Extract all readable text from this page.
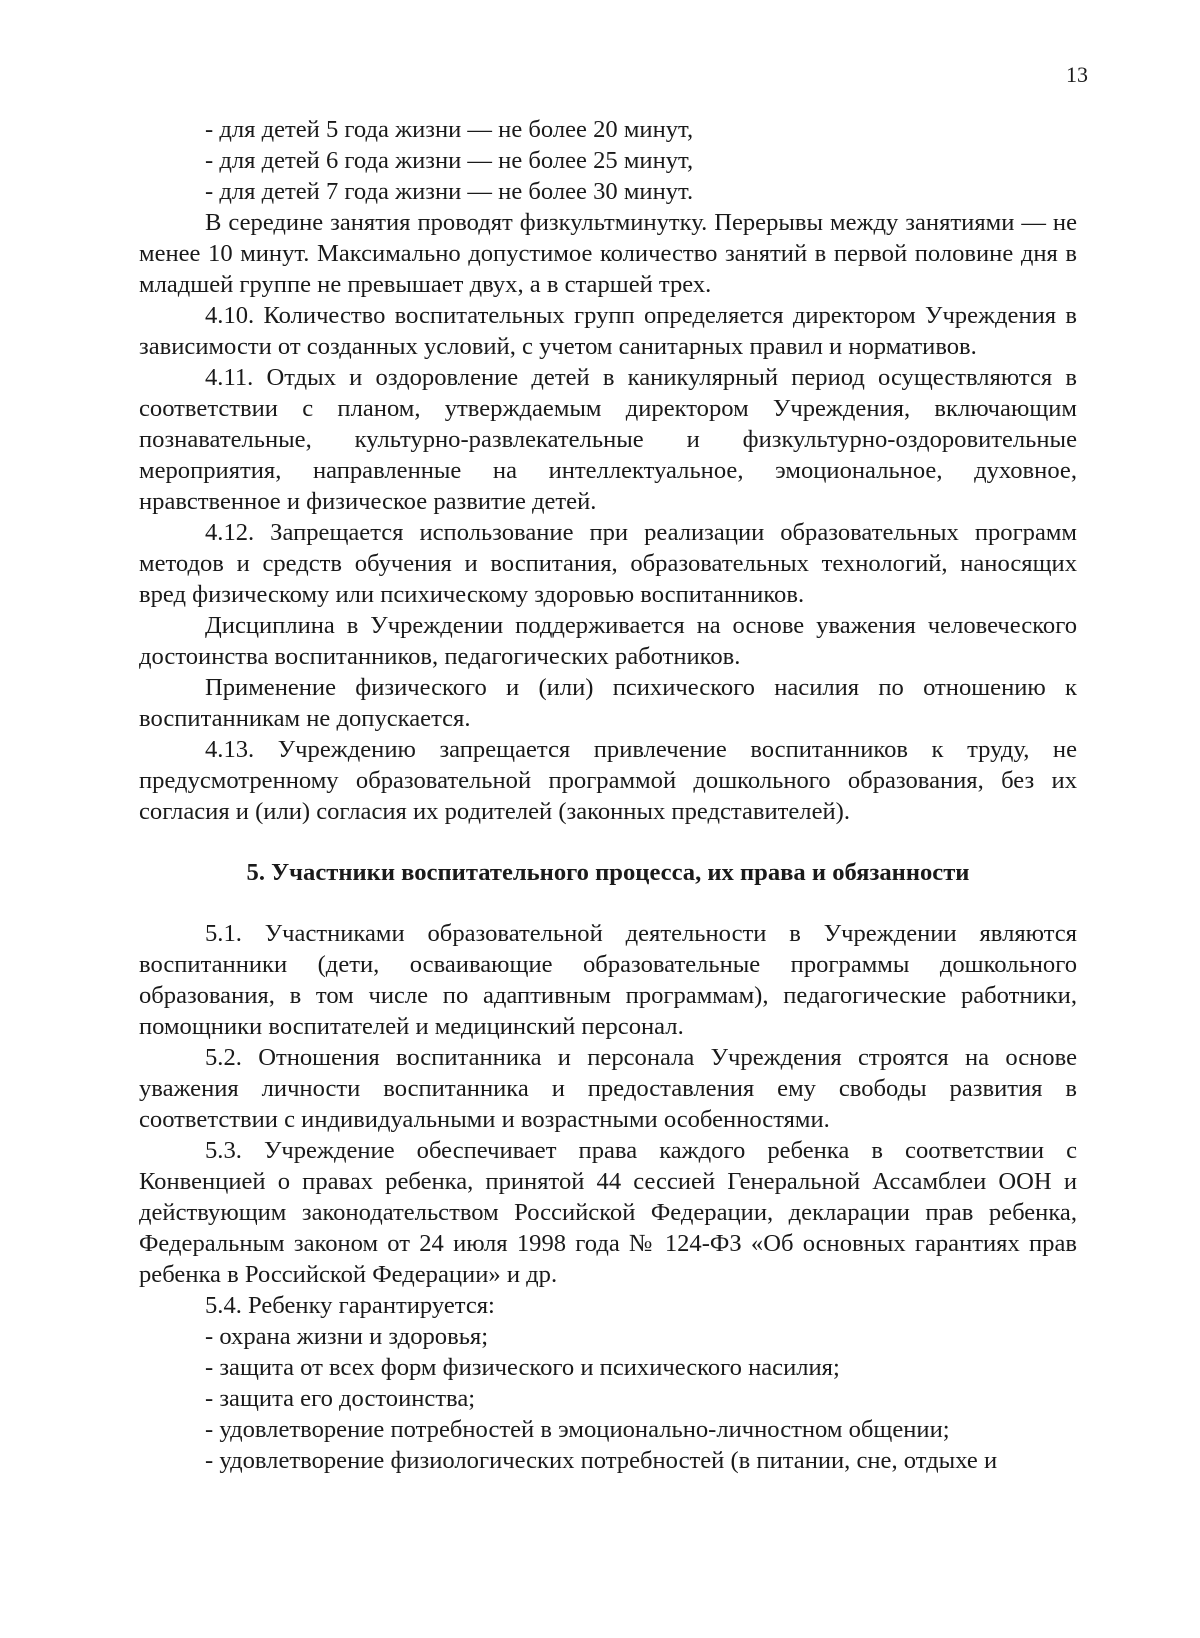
13

- для детей 5 года жизни — не более 20 минут,

- для детей 6 года жизни — не более 25 минут,

- для детей 7 года жизни — не более 30 минут.

В середине занятия проводят физкультминутку. Перерывы между занятиями — не менее 10 минут. Максимально допустимое количество занятий в первой половине дня в младшей группе не превышает двух, а в старшей трех.

4.10. Количество воспитательных групп определяется директором Учреждения в зависимости от созданных условий, с учетом санитарных правил и нормативов.

4.11. Отдых и оздоровление детей в каникулярный период осуществляются в соответствии с планом, утверждаемым директором Учреждения, включающим познавательные, культурно-развлекательные и физкультурно-оздоровительные мероприятия, направленные на интеллектуальное, эмоциональное, духовное, нравственное и физическое развитие детей.

4.12. Запрещается использование при реализации образовательных программ методов и средств обучения и воспитания, образовательных технологий, наносящих вред физическому или психическому здоровью воспитанников.

Дисциплина в Учреждении поддерживается на основе уважения человеческого достоинства воспитанников, педагогических работников.

Применение физического и (или) психического насилия по отношению к воспитанникам не допускается.

4.13. Учреждению запрещается привлечение воспитанников к труду, не предусмотренному образовательной программой дошкольного образования, без их согласия и (или) согласия их родителей (законных представителей).

5. Участники воспитательного процесса, их права и обязанности

5.1. Участниками образовательной деятельности в Учреждении являются воспитанники (дети, осваивающие образовательные программы дошкольного образования, в том числе по адаптивным программам), педагогические работники, помощники воспитателей и медицинский персонал.

5.2. Отношения воспитанника и персонала Учреждения строятся на основе уважения личности воспитанника и предоставления ему свободы развития в соответствии с индивидуальными и возрастными особенностями.

5.3. Учреждение обеспечивает права каждого ребенка в соответствии с Конвенцией о правах ребенка, принятой 44 сессией Генеральной Ассамблеи ООН и действующим законодательством Российской Федерации, декларации прав ребенка, Федеральным законом от 24 июля 1998 года № 124-ФЗ «Об основных гарантиях прав ребенка в Российской Федерации» и др.

5.4. Ребенку гарантируется:

- охрана жизни и здоровья;

- защита от всех форм физического и психического насилия;

- защита его достоинства;

- удовлетворение потребностей в эмоционально-личностном общении;

- удовлетворение физиологических потребностей (в питании, сне, отдыхе и
